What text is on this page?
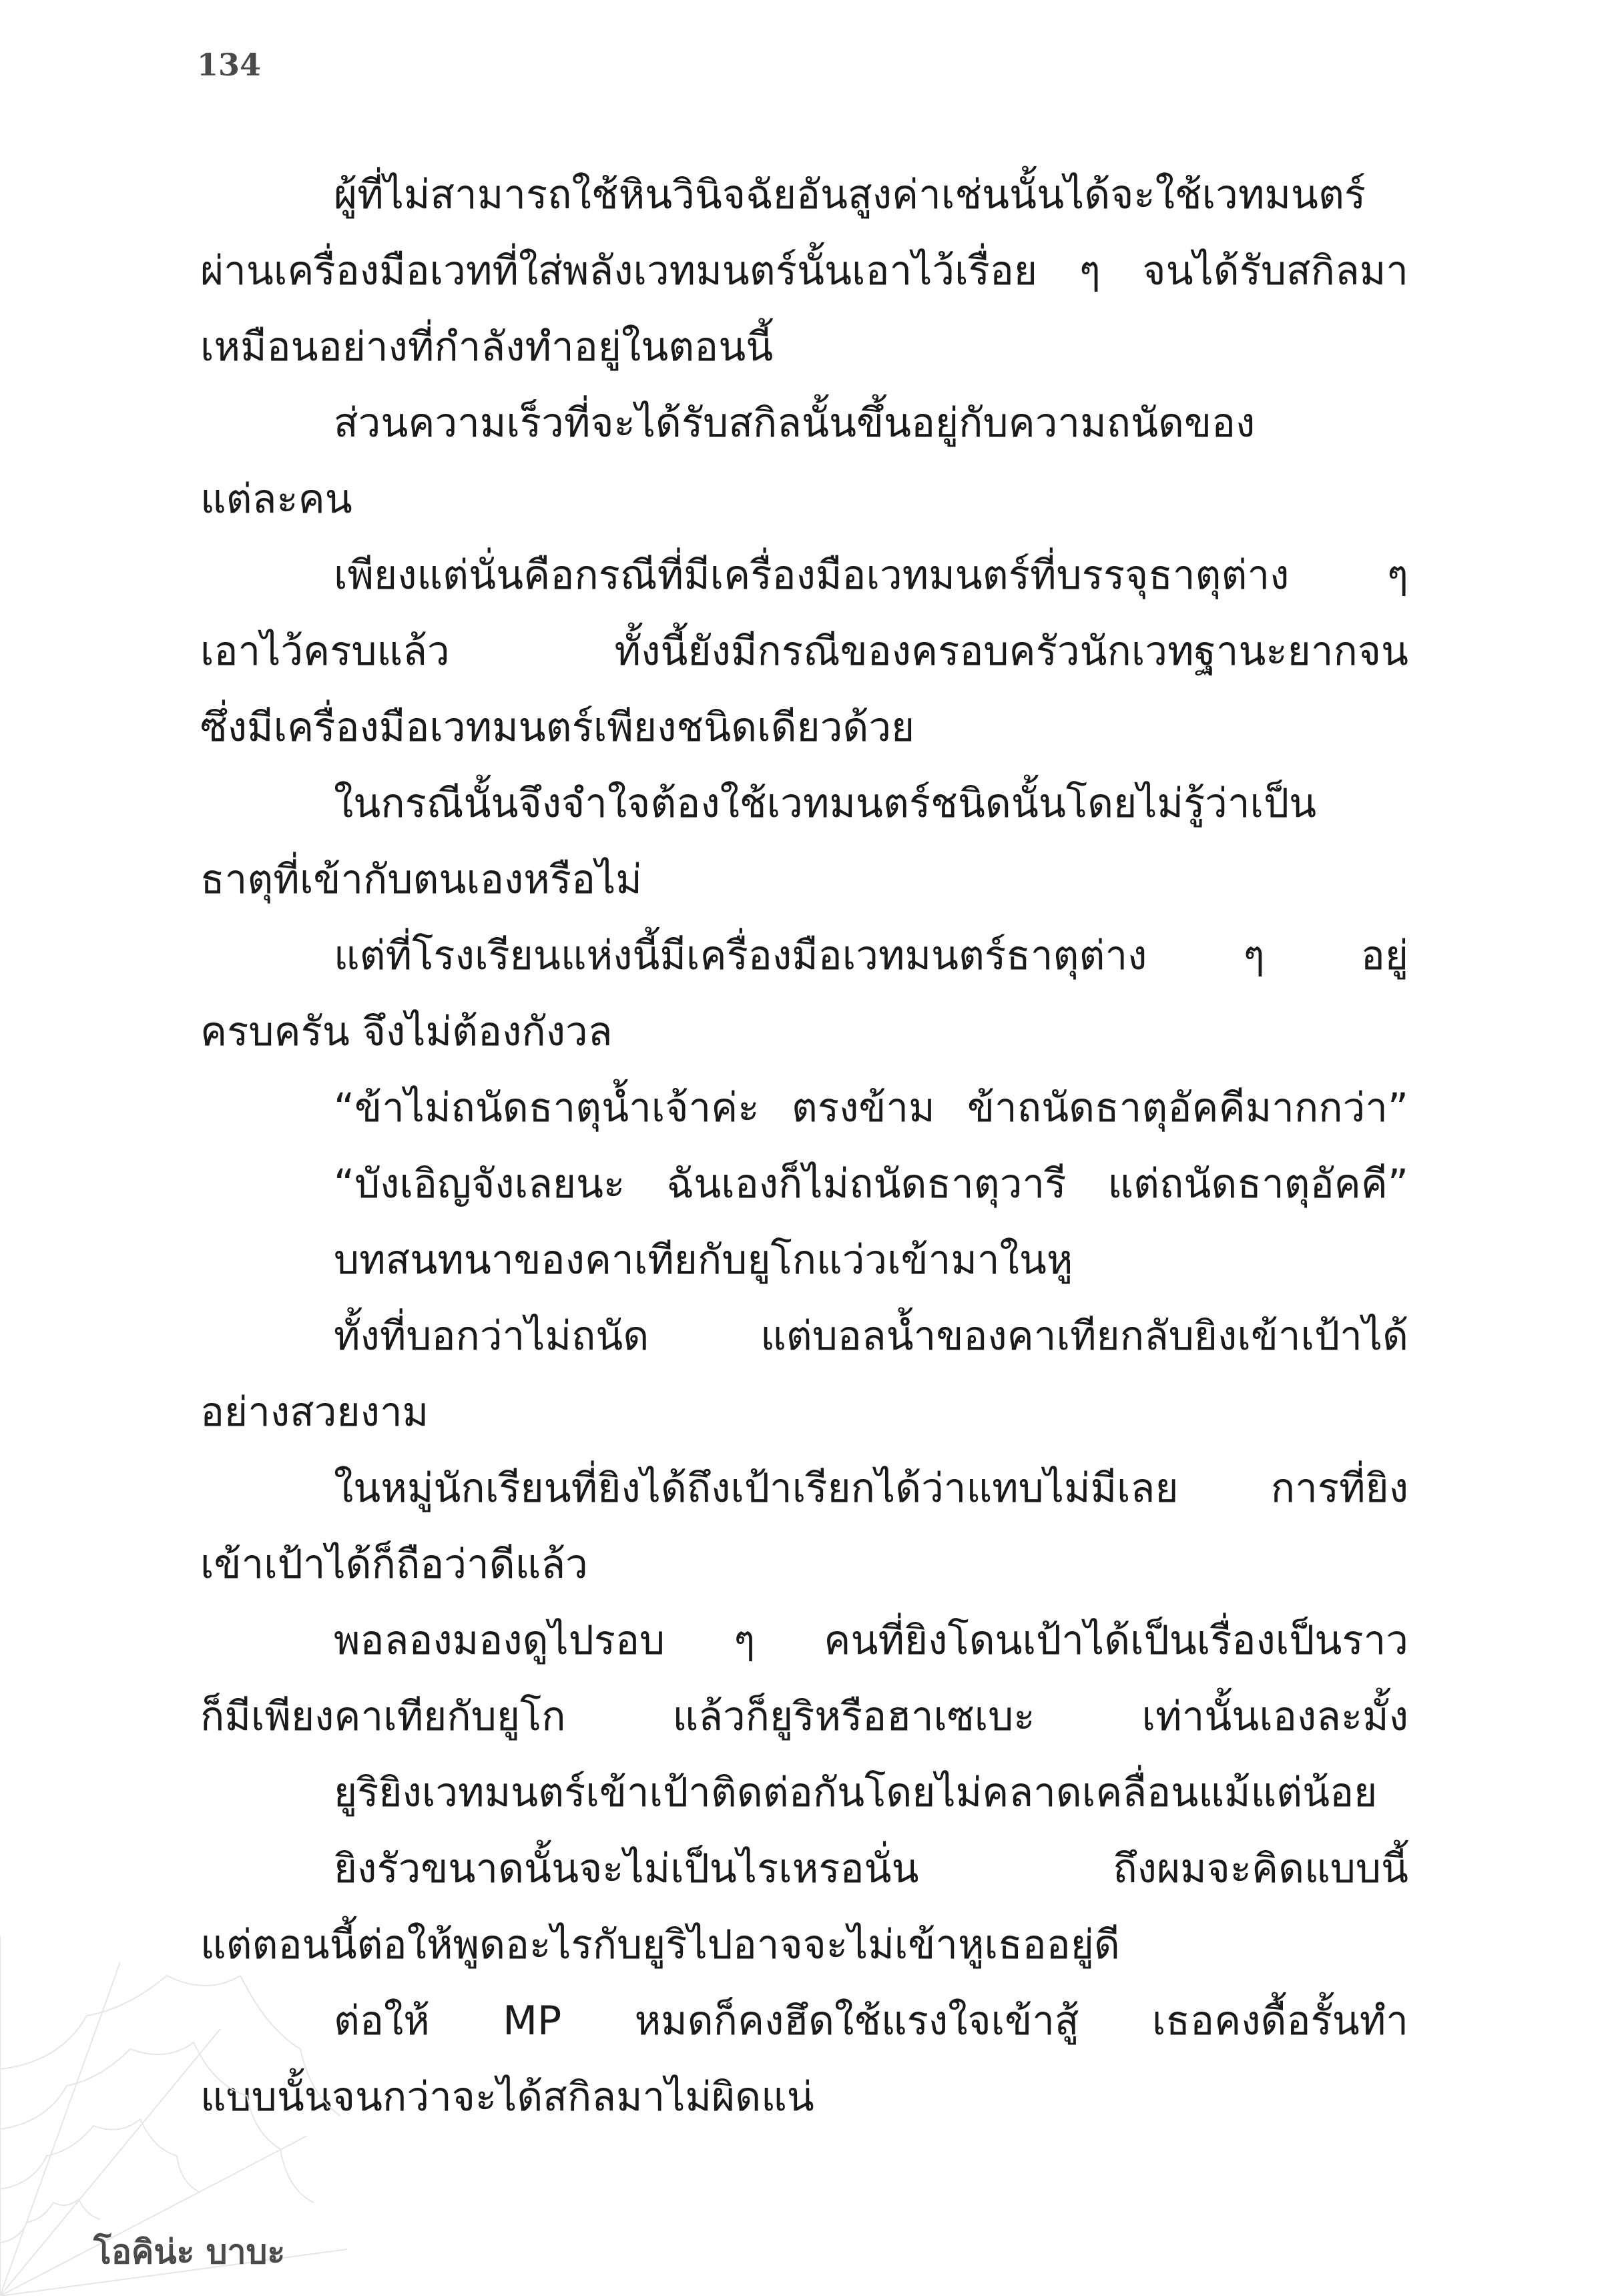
134
ผู้ที่ไม่สามารถใช้หินวินิจฉัยอันสูงค่าเช่นนั้นได้จะใช้เวทมนตร์
ผ่านเครื่องมือเวทที่ใส่พลังเวทมนตร์นั้นเอาไว้เรื่อย ๆ จนได้รับสกิลมา
เหมือนอย่างที่กำลังทำอยู่ในตอนนี้
ส่วนความเร็วที่จะได้รับสกิลนั้นขึ้นอยู่กับความถนัดของ
แต่ละคน
เพียงแต่นั่นคือกรณีที่มีเครื่องมือเวทมนตร์ที่บรรจุธาตุต่าง ๆ
เอาไว้ครบแล้ว ทั้งนี้ยังมีกรณีของครอบครัวนักเวทฐานะยากจน
ซึ่งมีเครื่องมือเวทมนตร์เพียงชนิดเดียวด้วย
ในกรณีนั้นจึงจำใจต้องใช้เวทมนตร์ชนิดนั้นโดยไม่รู้ว่าเป็น
ธาตุที่เข้ากับตนเองหรือไม่
แต่ที่โรงเรียนแห่งนี้มีเครื่องมือเวทมนตร์ธาตุต่าง ๆ อยู่
ครบครัน จึงไม่ต้องกังวล
“ข้าไม่ถนัดธาตุน้ำเจ้าค่ะ ตรงข้าม ข้าถนัดธาตุอัคคีมากกว่า”
“บังเอิญจังเลยนะ ฉันเองก็ไม่ถนัดธาตุวารี แต่ถนัดธาตุอัคคี”
บทสนทนาของคาเทียกับยูโกแว่วเข้ามาในหู
ทั้งที่บอกว่าไม่ถนัด แต่บอลน้ำของคาเทียกลับยิงเข้าเป้าได้
อย่างสวยงาม
ในหมู่นักเรียนที่ยิงได้ถึงเป้าเรียกได้ว่าแทบไม่มีเลย การที่ยิง
เข้าเป้าได้ก็ถือว่าดีแล้ว
พอลองมองดูไปรอบ ๆ คนที่ยิงโดนเป้าได้เป็นเรื่องเป็นราว
ก็มีเพียงคาเทียกับยูโก แล้วก็ยูริหรือฮาเซเบะ เท่านั้นเองละมั้ง
ยูริยิงเวทมนตร์เข้าเป้าติดต่อกันโดยไม่คลาดเคลื่อนแม้แต่น้อย
ยิงรัวขนาดนั้นจะไม่เป็นไรเหรอนั่น ถึงผมจะคิดแบบนี้
แต่ตอนนี้ต่อให้พูดอะไรกับยูริไปอาจจะไม่เข้าหูเธออยู่ดี
ต่อให้ MP หมดก็คงฮึดใช้แรงใจเข้าสู้ เธอคงดื้อรั้นทำ
แบบนั้นจนกว่าจะได้สกิลมาไม่ผิดแน่
โอคิน่ะ บาบะ
